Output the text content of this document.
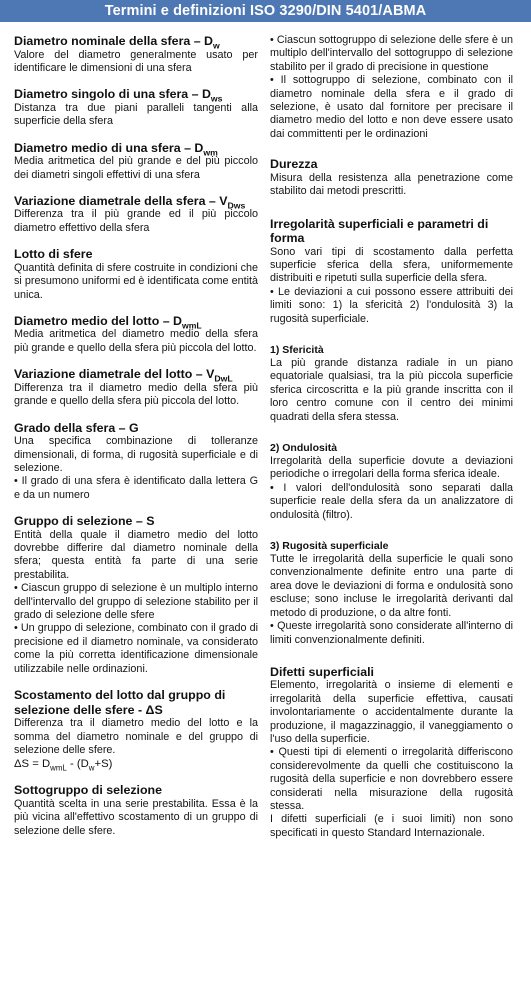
Termini e definizioni ISO 3290/DIN 5401/ABMA

Diametro nominale della sfera – $D_w$

Valore del diametro generalmente usato per identificare le dimensioni di una sfera

Diametro singolo di una sfera – $D_{ws}$

Distanza tra due piani paralleli tangenti alla superficie della sfera

Diametro medio di una sfera – $D_{wm}$

Media aritmetica del più grande e del più piccolo dei diametri singoli effettivi di una sfera

Variazione diametrale della sfera – $V_{Dws}$

Differenza tra il più grande ed il più piccolo diametro effettivo della sfera

Lotto di sfere

Quantità definita di sfere costruite in condizioni che si presumono uniformi ed è identificata come entità unica.

Diametro medio del lotto – $D_{wmL}$

Media aritmetica del diametro medio della sfera più grande e quello della sfera più piccola del lotto.

Variazione diametrale del lotto – $V_{DwL}$

Differenza tra il diametro medio della sfera più grande e quello della sfera più piccola del lotto.

Grado della sfera – G

Una specifica combinazione di tolleranze dimensionali, di forma, di rugosità superficiale e di selezione.

• Il grado di una sfera è identificato dalla lettera G e da un numero

Gruppo di selezione – S

Entità della quale il diametro medio del lotto dovrebbe differire dal diametro nominale della sfera; questa entità fa parte di una serie prestabilita.

• Ciascun gruppo di selezione è un multiplo interno dell'intervallo del gruppo di selezione stabilito per il grado di selezione delle sfere

• Un gruppo di selezione, combinato con il grado di precisione ed il diametro nominale, va considerato come la più corretta identificazione dimensionale utilizzabile nelle ordinazioni.

Scostamento del lotto dal gruppo di selezione delle sfere - ΔS

Differenza tra il diametro medio del lotto e la somma del diametro nominale e del gruppo di selezione delle sfere.

$\Delta S = D_{wmL} - (D_w+S)$

Sottogruppo di selezione

Quantità scelta in una serie prestabilita. Essa è la più vicina all'effettivo scostamento di un gruppo di selezione delle sfere.

• Ciascun sottogruppo di selezione delle sfere è un multiplo dell'intervallo del sottogruppo di selezione stabilito per il grado di precisione in questione

• Il sottogruppo di selezione, combinato con il diametro nominale della sfera e il grado di selezione, è usato dal fornitore per precisare il diametro medio del lotto e non deve essere usato dai committenti per le ordinazioni

Durezza

Misura della resistenza alla penetrazione come stabilito dai metodi prescritti.

Irregolarità superficiali e parametri di forma

Sono vari tipi di scostamento dalla perfetta superficie sferica della sfera, uniformemente distribuiti e ripetuti sulla superficie della sfera.

• Le deviazioni a cui possono essere attribuiti dei limiti sono: 1) la sfericità 2) l'ondulosità 3) la rugosità superficiale.

1) Sfericità

La più grande distanza radiale in un piano equatoriale qualsiasi, tra la più piccola superficie sferica circoscritta e la più grande inscritta con il loro centro comune con il centro dei minimi quadrati della sfera stessa.

2) Ondulosità

Irregolarità della superficie dovute a deviazioni periodiche o irregolari della forma sferica ideale.

• I valori dell'ondulosità sono separati dalla superficie reale della sfera da un analizzatore di ondulosità (filtro).

3) Rugosità superficiale

Tutte le irregolarità della superficie le quali sono convenzionalmente definite entro una parte di area dove le deviazioni di forma e ondulosità sono escluse; sono incluse le irregolarità derivanti dal metodo di produzione, o da altre fonti.

• Queste irregolarità sono considerate all'interno di limiti convenzionalmente definiti.

Difetti superficiali

Elemento, irregolarità o insieme di elementi e irregolarità della superficie effettiva, causati involontariamente o accidentalmente durante la produzione, il magazzinaggio, il vaneggiamento o l'uso della superficie.

• Questi tipi di elementi o irregolarità differiscono considerevolmente da quelli che costituiscono la rugosità della superficie e non dovrebbero essere considerati nella misurazione della rugosità stessa.

I difetti superficiali (e i suoi limiti) non sono specificati in questo Standard Internazionale.
